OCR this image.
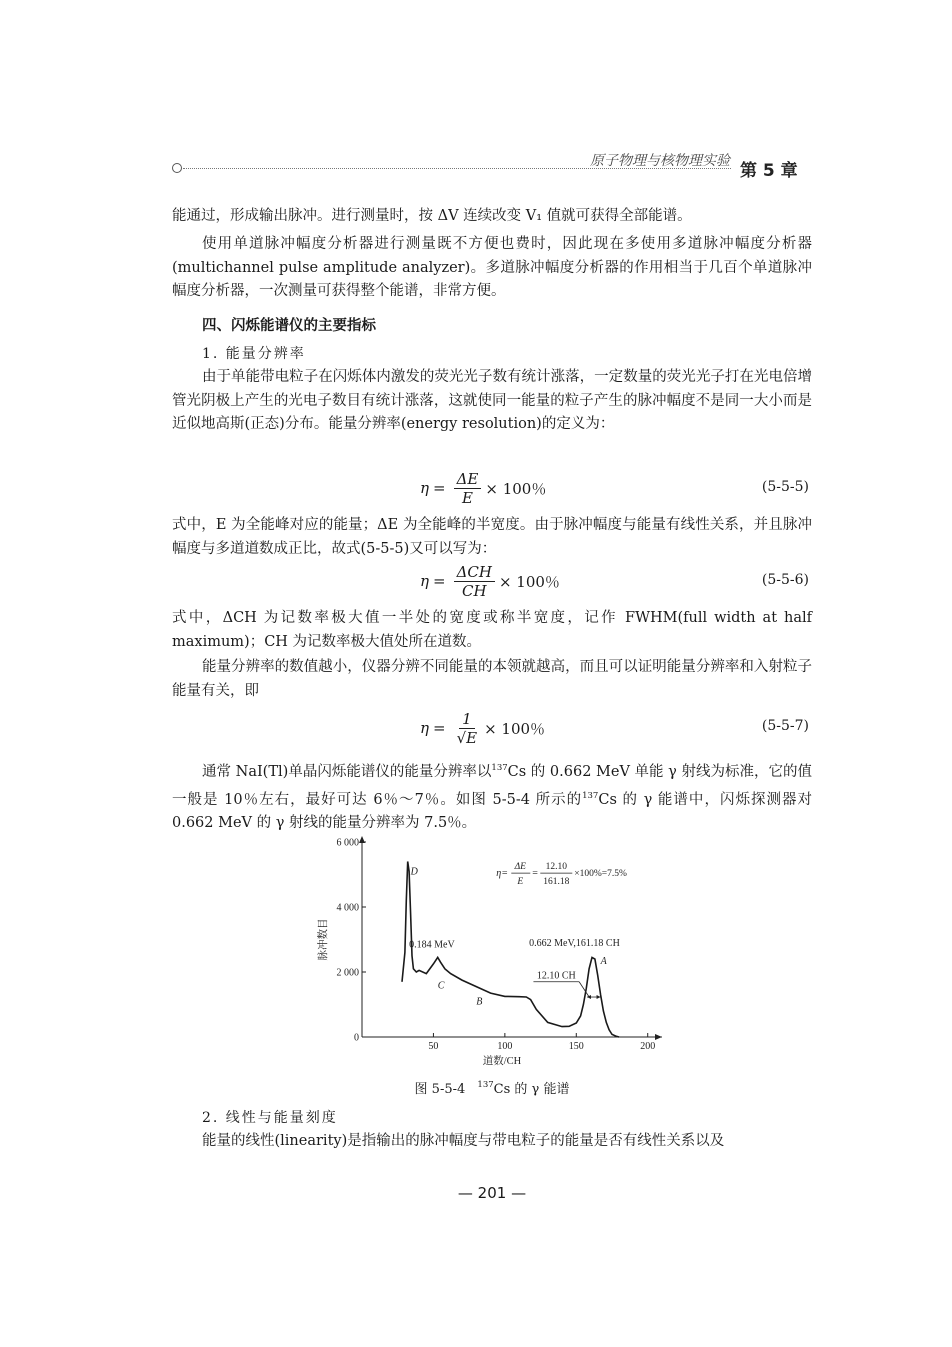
原子物理与核物理实验 第 5 章

能通过，形成输出脉冲。进行测量时，按 ΔV 连续改变 V₁ 值就可获得全部能谱。

使用单道脉冲幅度分析器进行测量既不方便也费时，因此现在多使用多道脉冲幅度分析器(multichannel pulse amplitude analyzer)。多道脉冲幅度分析器的作用相当于几百个单道脉冲幅度分析器，一次测量可获得整个能谱，非常方便。

四、闪烁能谱仪的主要指标
1. 能量分辨率

由于单能带电粒子在闪烁体内激发的荧光光子数有统计涨落，一定数量的荧光光子打在光电倍增管光阴极上产生的光电子数目有统计涨落，这就使同一能量的粒子产生的脉冲幅度不是同一大小而是近似地高斯(正态)分布。能量分辨率(energy resolution)的定义为：

$\eta = \frac{\Delta E}{E} \times 100$％	(5-5-5)

式中，E 为全能峰对应的能量；ΔE 为全能峰的半宽度。由于脉冲幅度与能量有线性关系，并且脉冲幅度与多道道数成正比，故式(5-5-5)又可以写为：

$\eta = \frac{\text{ΔCH}}{CH} \times 100$％	(5-5-6)

式中，ΔCH 为记数率极大值一半处的宽度或称半宽度，记作 FWHM(full width at half maximum)；CH 为记数率极大值处所在道数。

能量分辨率的数值越小，仪器分辨不同能量的本领就越高，而且可以证明能量分辨率和入射粒子能量有关，即

$\eta = \frac{1}{√E} \times 100$％	(5-5-7)

通常 NaI(Tl)单晶闪烁能谱仪的能量分辨率以$^{137}$Cs 的 0.662 MeV 单能 γ 射线为标准，它的值一般是 10％左右，最好可达 6％～7％。如图 5-5-4 所示的$^{137}$Cs 的 γ 能谱中，闪烁探测器对 0.662 MeV 的 γ 射线的能量分辨率为 7.5％。

50	100	150	200
0
2 000
4 000
6 000
道数/CH
脉冲数目
D
C
B
A
0.184 MeV	0.662 MeV,161.18 CH
12.10 CH
η=
ΔE
E
=
12.10
161.18
×100%=7.5%
图 5-5-4 $^{137}$Cs 的 γ 能谱
2. 线性与能量刻度

能量的线性(linearity)是指输出的脉冲幅度与带电粒子的能量是否有线性关系以及

— 201 —
